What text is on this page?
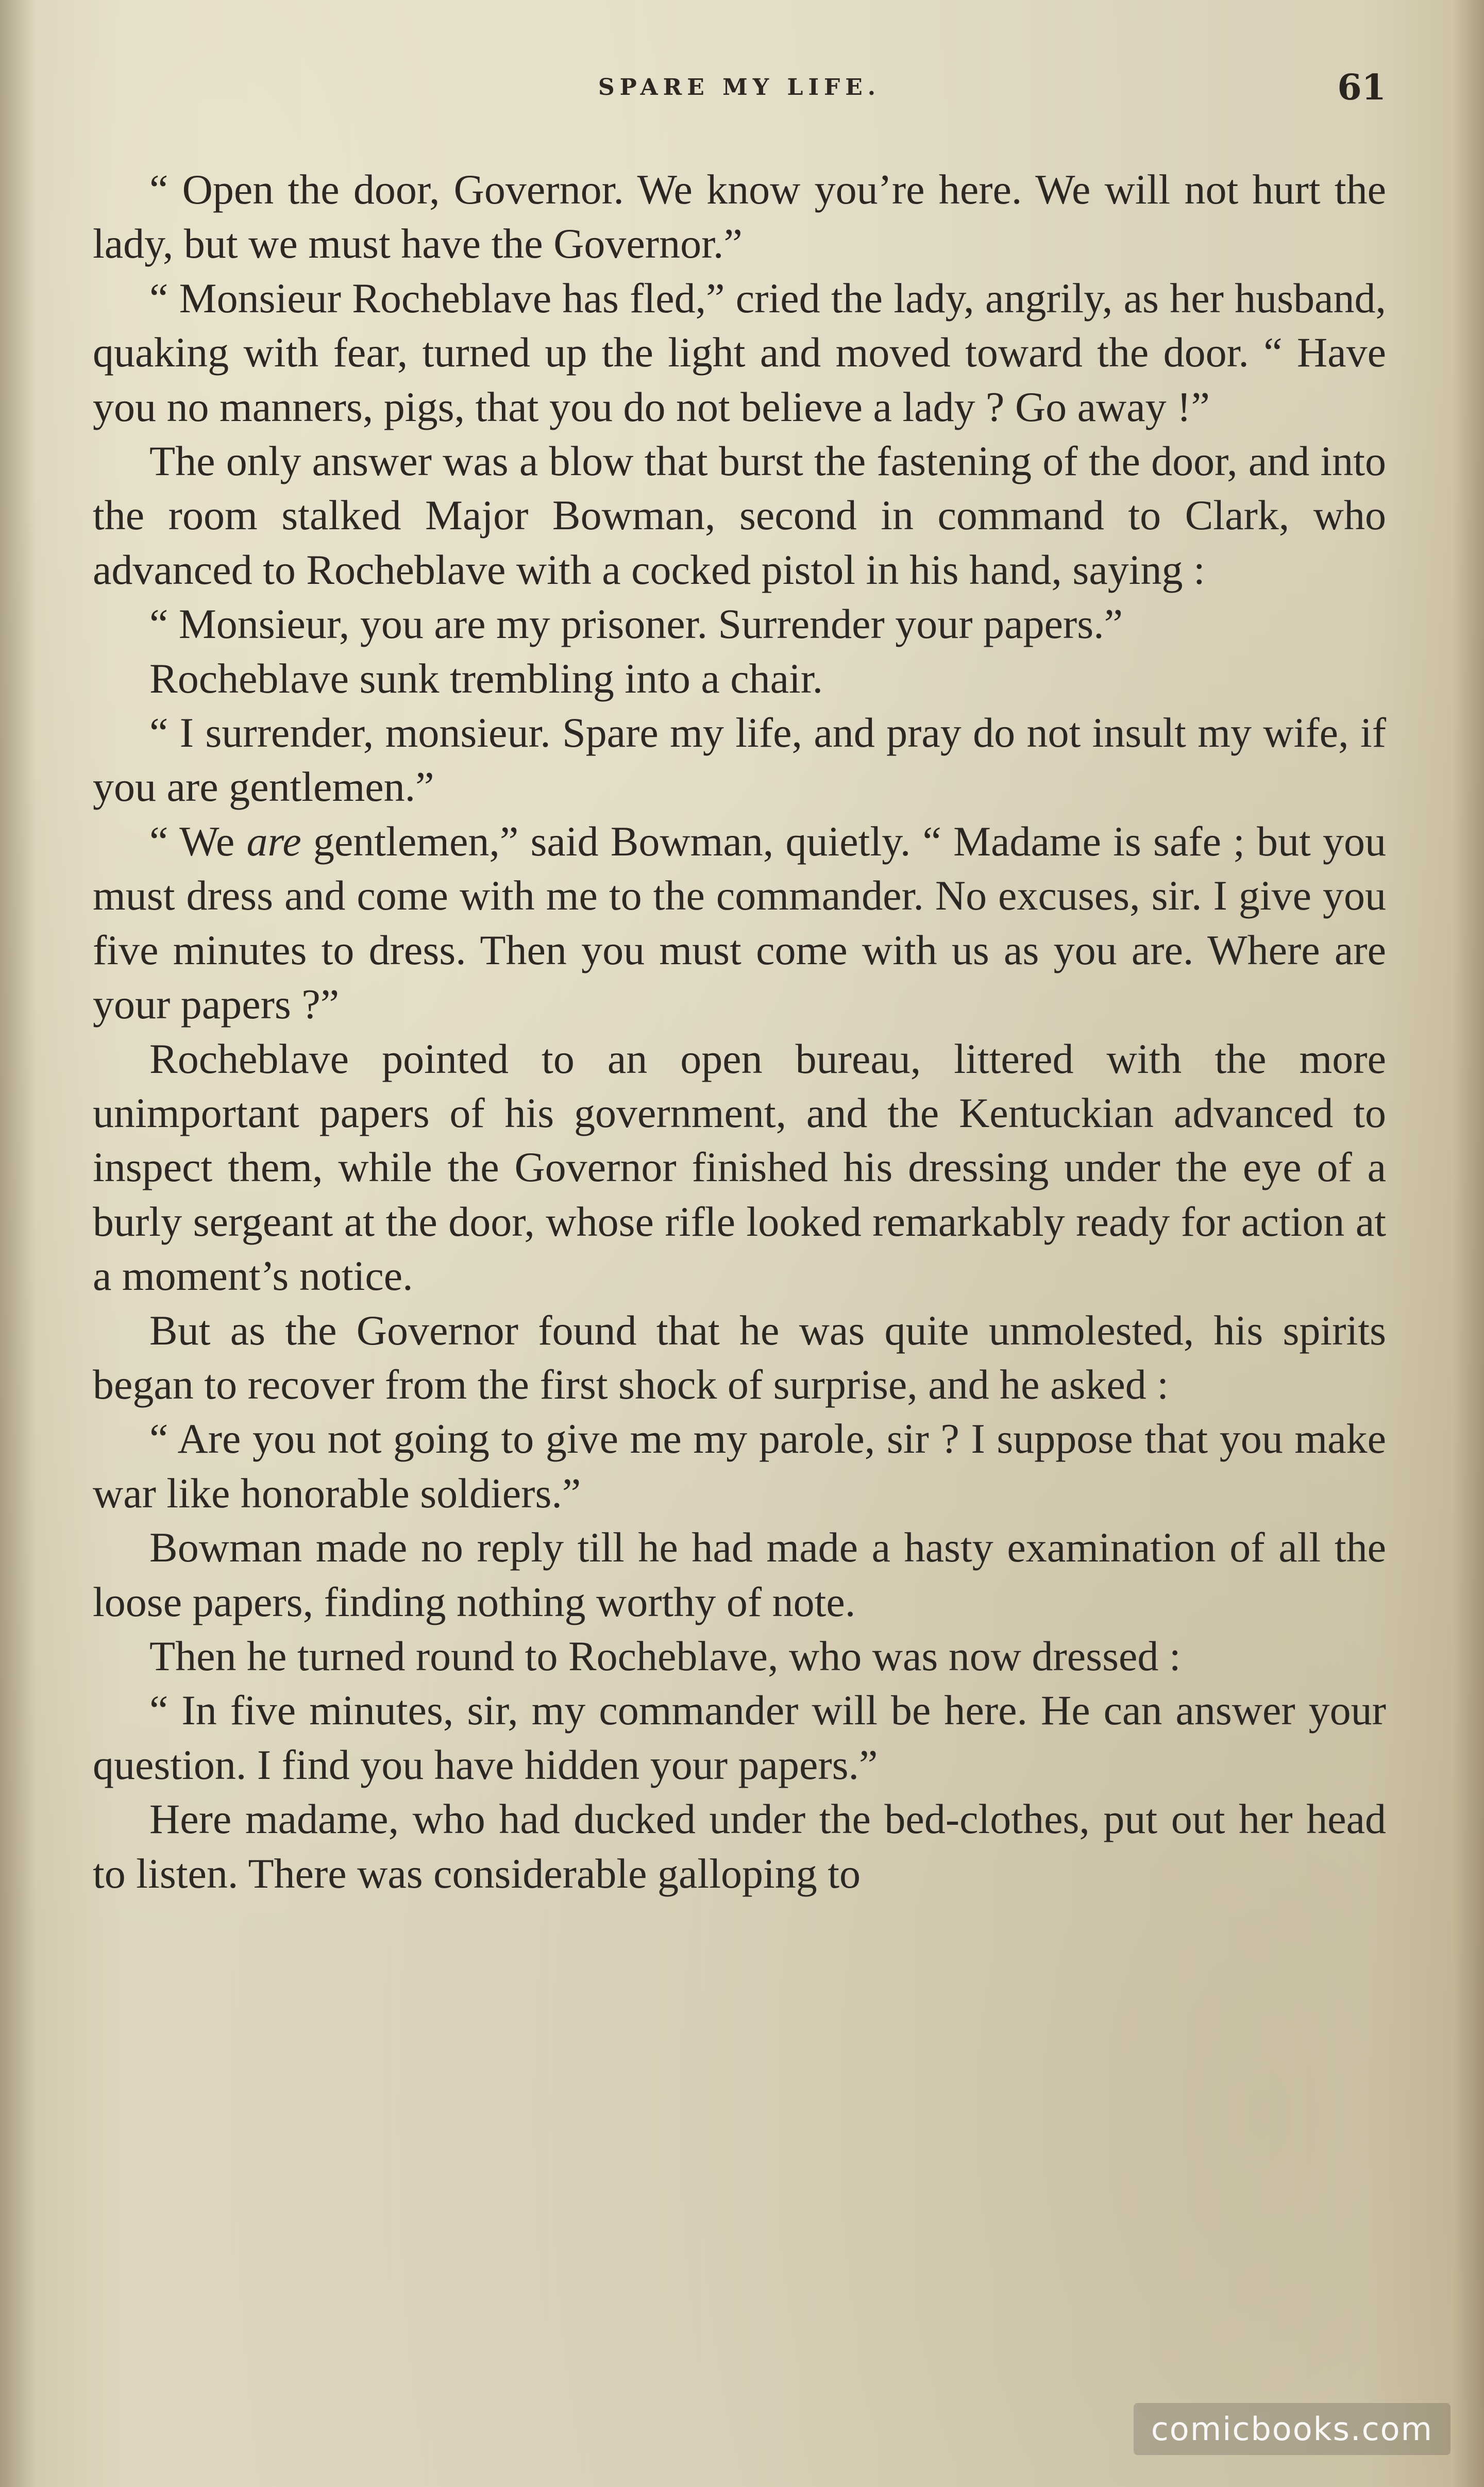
SPARE MY LIFE.	61

“ Open the door, Governor. We know you’re here. We will not hurt the lady, but we must have the Governor.”

“ Monsieur Rocheblave has fled,” cried the lady, angrily, as her husband, quaking with fear, turned up the light and moved toward the door. “ Have you no manners, pigs, that you do not believe a lady ? Go away !”

The only answer was a blow that burst the fastening of the door, and into the room stalked Major Bowman, second in command to Clark, who advanced to Rocheblave with a cocked pistol in his hand, saying :

“ Monsieur, you are my prisoner. Surrender your papers.”

Rocheblave sunk trembling into a chair.

“ I surrender, monsieur. Spare my life, and pray do not insult my wife, if you are gentlemen.”

“ We are gentlemen,” said Bowman, quietly. “ Madame is safe ; but you must dress and come with me to the commander. No excuses, sir. I give you five minutes to dress. Then you must come with us as you are. Where are your papers ?”

Rocheblave pointed to an open bureau, littered with the more unimportant papers of his government, and the Kentuckian advanced to inspect them, while the Governor finished his dressing under the eye of a burly sergeant at the door, whose rifle looked remarkably ready for action at a moment’s notice.

But as the Governor found that he was quite unmolested, his spirits began to recover from the first shock of surprise, and he asked :

“ Are you not going to give me my parole, sir ? I suppose that you make war like honorable soldiers.”

Bowman made no reply till he had made a hasty examination of all the loose papers, finding nothing worthy of note.

Then he turned round to Rocheblave, who was now dressed :

“ In five minutes, sir, my commander will be here. He can answer your question. I find you have hidden your papers.”

Here madame, who had ducked under the bed-clothes, put out her head to listen. There was considerable galloping to

comicbooks.com
